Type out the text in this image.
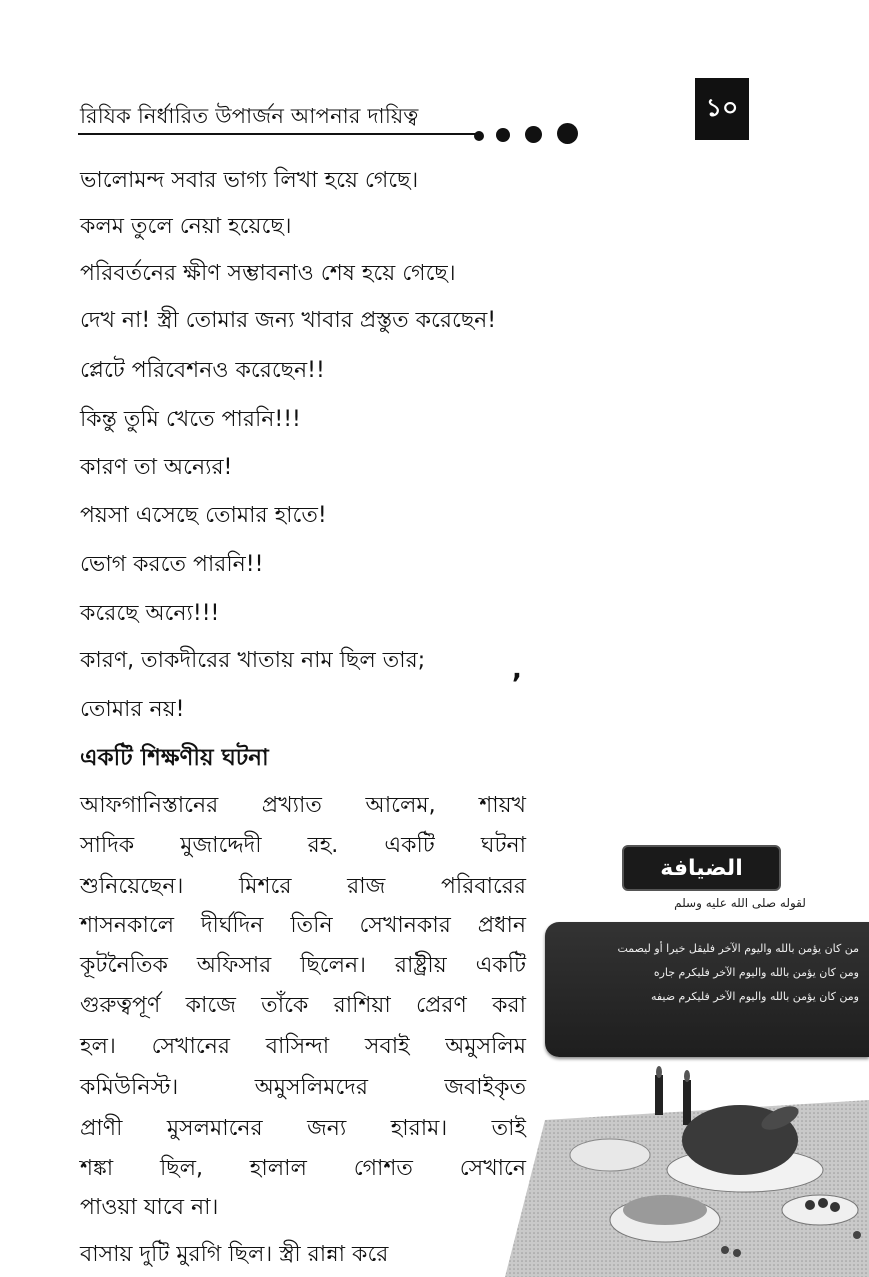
রিযিক নির্ধারিত উপার্জন আপনার দায়িত্ব	১০
ভালোমন্দ সবার ভাগ্য লিখা হয়ে গেছে।
কলম তুলে নেয়া হয়েছে।
পরিবর্তনের ক্ষীণ সম্ভাবনাও শেষ হয়ে গেছে।
দেখ না! স্ত্রী তোমার জন্য খাবার প্রস্তুত করেছেন!
প্লেটে পরিবেশনও করেছেন!!
কিন্তু তুমি খেতে পারনি!!!
কারণ তা অন্যের!
পয়সা এসেছে তোমার হাতে!
ভোগ করতে পারনি!!
করেছে অন্যে!!!
কারণ, তাকদীরের খাতায় নাম ছিল তার;	,
তোমার নয়!
একটি শিক্ষণীয় ঘটনা
আফগানিস্তানের প্রখ্যাত আলেম, শায়খ
সাদিক মুজাদ্দেদী রহ. একটি ঘটনা
শুনিয়েছেন। মিশরে রাজ পরিবারের
শাসনকালে দীর্ঘদিন তিনি সেখানকার প্রধান
কূটনৈতিক অফিসার ছিলেন। রাষ্ট্রীয় একটি
গুরুত্বপূর্ণ কাজে তাঁকে রাশিয়া প্রেরণ করা
হল। সেখানের বাসিন্দা সবাই অমুসলিম
কমিউনিস্ট। অমুসলিমদের জবাইকৃত
প্রাণী মুসলমানের জন্য হারাম। তাই
শঙ্কা ছিল, হালাল গোশত সেখানে
পাওয়া যাবে না।
বাসায় দুটি মুরগি ছিল। স্ত্রী রান্না করে
الضيافة
لقوله صلى الله عليه وسلم
من كان يؤمن بالله واليوم الآخر فليقل خيرا أو ليصمت
ومن كان يؤمن بالله واليوم الآخر فليكرم جاره
ومن كان يؤمن بالله واليوم الآخر فليكرم ضيفه
